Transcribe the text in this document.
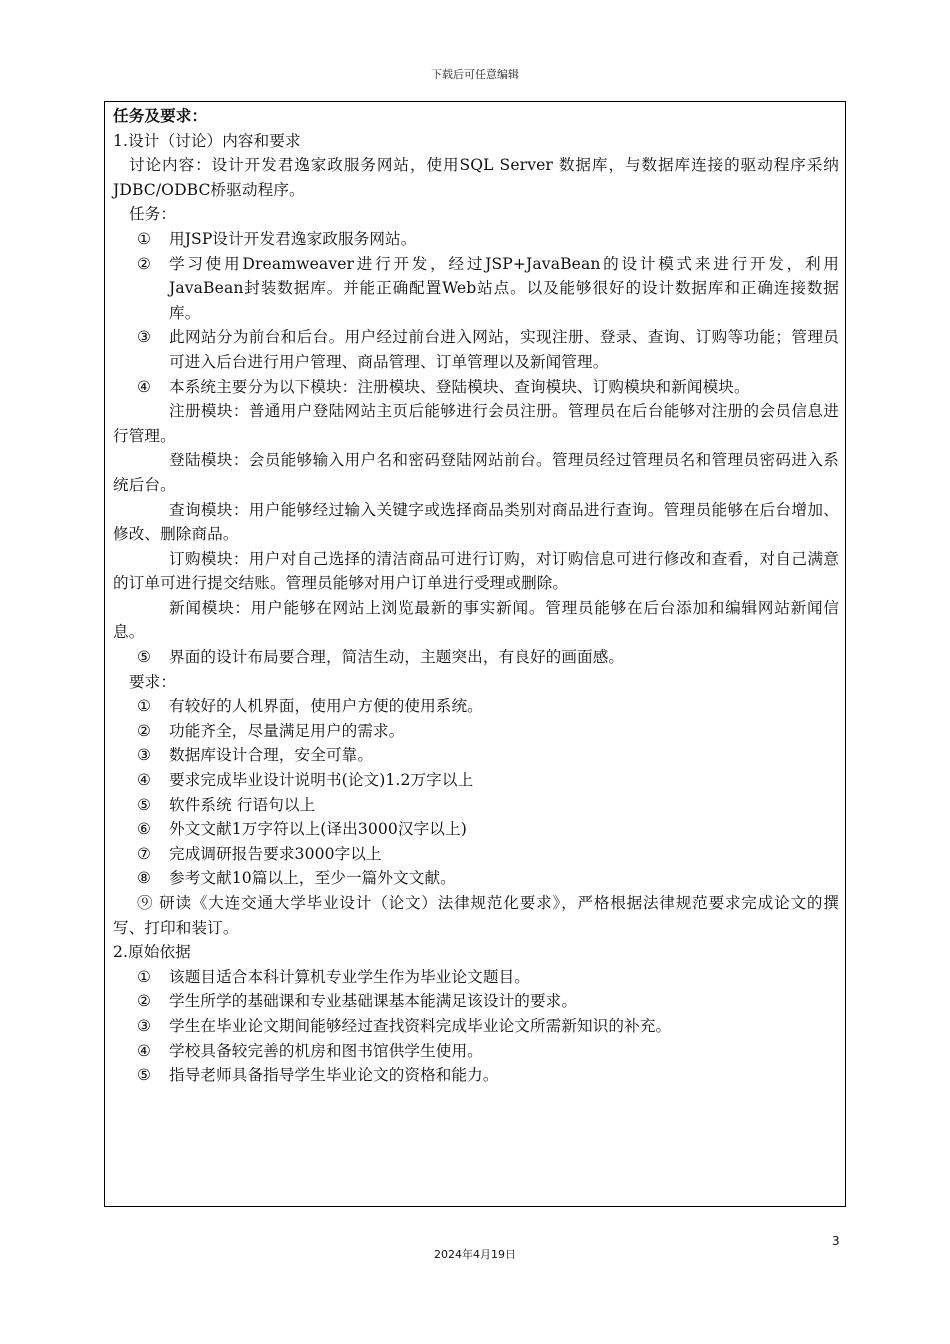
下载后可任意编辑
任务及要求：
1.设计（讨论）内容和要求
讨论内容：设计开发君逸家政服务网站，使用SQL Server 数据库，与数据库连接的驱动程序采纳JDBC/ODBC桥驱动程序。
任务：
①	用JSP设计开发君逸家政服务网站。
②	学习使用Dreamweaver进行开发，经过JSP+JavaBean的设计模式来进行开发，利用JavaBean封装数据库。并能正确配置Web站点。以及能够很好的设计数据库和正确连接数据库。
③	此网站分为前台和后台。用户经过前台进入网站，实现注册、登录、查询、订购等功能；管理员可进入后台进行用户管理、商品管理、订单管理以及新闻管理。
④	本系统主要分为以下模块：注册模块、登陆模块、查询模块、订购模块和新闻模块。
注册模块：普通用户登陆网站主页后能够进行会员注册。管理员在后台能够对注册的会员信息进行管理。
登陆模块：会员能够输入用户名和密码登陆网站前台。管理员经过管理员名和管理员密码进入系统后台。
查询模块：用户能够经过输入关键字或选择商品类别对商品进行查询。管理员能够在后台增加、修改、删除商品。
订购模块：用户对自己选择的清洁商品可进行订购，对订购信息可进行修改和查看，对自己满意的订单可进行提交结账。管理员能够对用户订单进行受理或删除。
新闻模块：用户能够在网站上浏览最新的事实新闻。管理员能够在后台添加和编辑网站新闻信息。
⑤	界面的设计布局要合理，简洁生动，主题突出，有良好的画面感。
要求：
①	有较好的人机界面，使用户方便的使用系统。
②	功能齐全，尽量满足用户的需求。
③	数据库设计合理，安全可靠。
④	要求完成毕业设计说明书(论文)1.2万字以上
⑤	软件系统 行语句以上
⑥	外文文献1万字符以上(译出3000汉字以上)
⑦	完成调研报告要求3000字以上
⑧	参考文献10篇以上，至少一篇外文文献。
⑨ 研读《大连交通大学毕业设计（论文）法律规范化要求》，严格根据法律规范要求完成论文的撰写、打印和装订。
2.原始依据
①	该题目适合本科计算机专业学生作为毕业论文题目。
②	学生所学的基础课和专业基础课基本能满足该设计的要求。
③	学生在毕业论文期间能够经过查找资料完成毕业论文所需新知识的补充。
④	学校具备较完善的机房和图书馆供学生使用。
⑤	指导老师具备指导学生毕业论文的资格和能力。
3
2024年4月19日
